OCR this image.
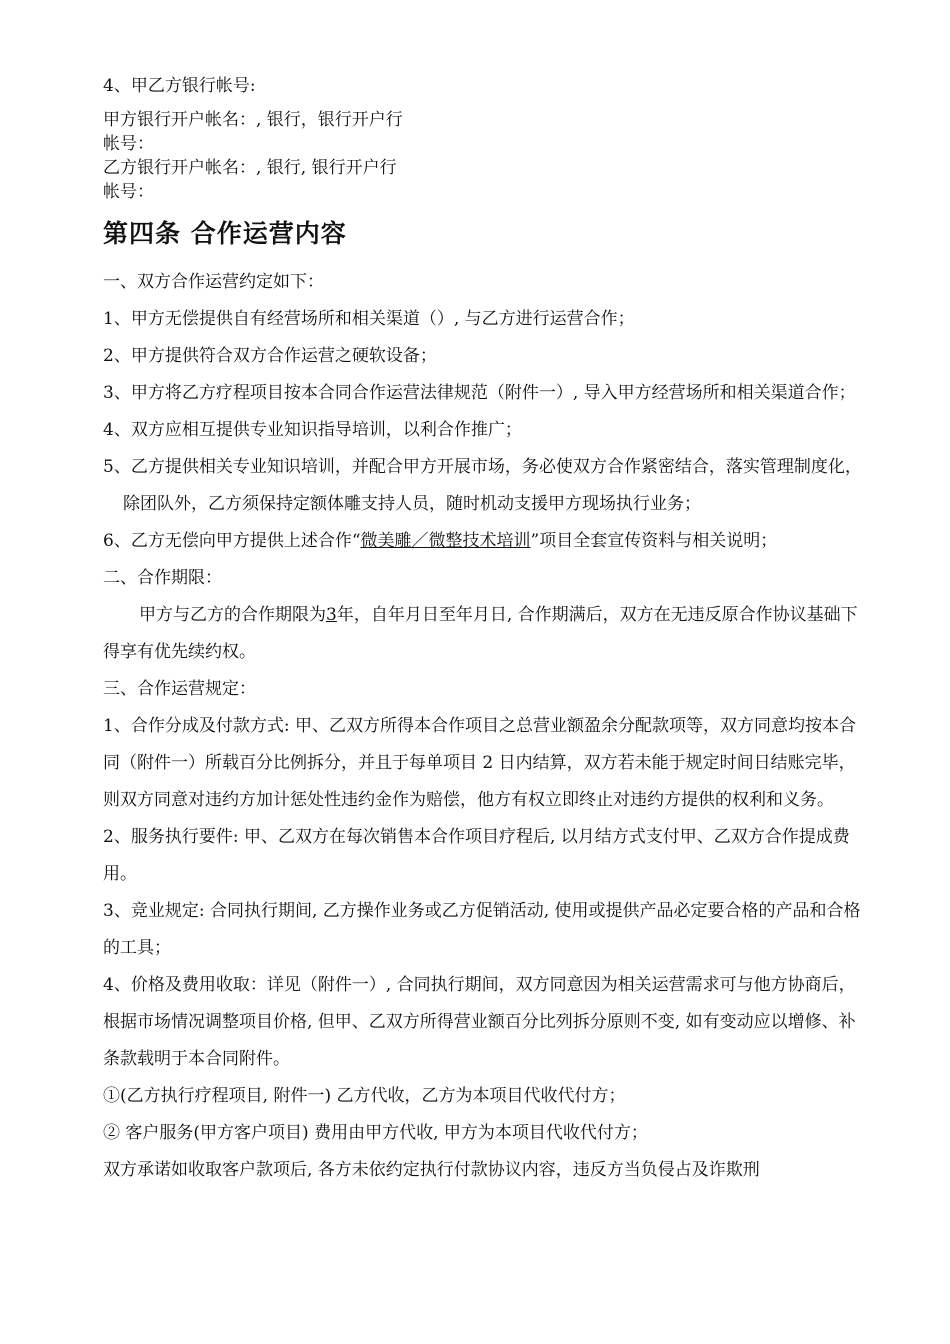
4、甲乙方银行帐号:

甲方银行开户帐名：, 银行，银行开户行

帐号：

乙方银行开户帐名：, 银行, 银行开户行

帐号：

第四条 合作运营内容

一、双方合作运营约定如下：

1、甲方无偿提供自有经营场所和相关渠道（）, 与乙方进行运营合作；

2、甲方提供符合双方合作运营之硬软设备；

3、甲方将乙方疗程项目按本合同合作运营法律规范（附件一）, 导入甲方经营场所和相关渠道合作；

4、双方应相互提供专业知识指导培训，以利合作推广；

5、乙方提供相关专业知识培训，并配合甲方开展市场，务必使双方合作紧密结合，落实管理制度化，除团队外，乙方须保持定额体雕支持人员，随时机动支援甲方现场执行业务；

6、乙方无偿向甲方提供上述合作“微美雕／微整技术培训”项目全套宣传资料与相关说明；

二、合作期限：

甲方与乙方的合作期限为3年，自年月日至年月日, 合作期满后，双方在无违反原合作协议基础下得享有优先续约权。

三、合作运营规定：

1、合作分成及付款方式: 甲、乙双方所得本合作项目之总营业额盈余分配款项等，双方同意均按本合同（附件一）所载百分比例拆分，并且于每单项目 2 日内结算，双方若未能于规定时间日结账完毕，则双方同意对违约方加计惩处性违约金作为赔偿，他方有权立即终止对违约方提供的权利和义务。

2、服务执行要件: 甲、乙双方在每次销售本合作项目疗程后, 以月结方式支付甲、乙双方合作提成费用。

3、竞业规定: 合同执行期间, 乙方操作业务或乙方促销活动, 使用或提供产品必定要合格的产品和合格的工具；

4、价格及费用收取：详见（附件一）, 合同执行期间，双方同意因为相关运营需求可与他方协商后，根据市场情况调整项目价格, 但甲、乙双方所得营业额百分比列拆分原则不变, 如有变动应以增修、补条款载明于本合同附件。

①(乙方执行疗程项目, 附件一) 乙方代收，乙方为本项目代收代付方；

② 客户服务(甲方客户项目) 费用由甲方代收, 甲方为本项目代收代付方；

双方承诺如收取客户款项后, 各方未依约定执行付款协议内容，违反方当负侵占及诈欺刑
